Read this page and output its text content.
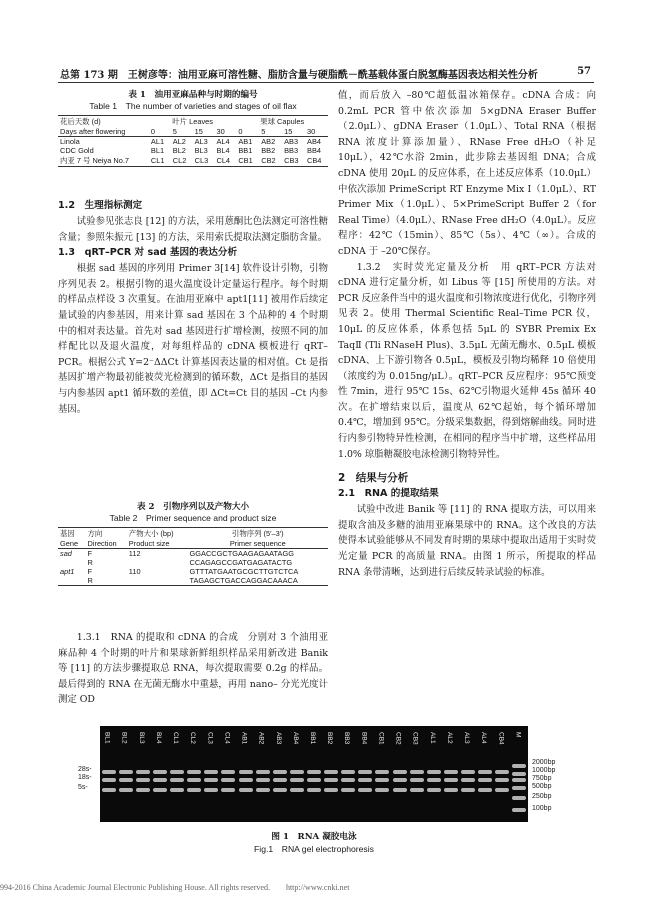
总第 173 期　王树彦等：油用亚麻可溶性糖、脂肪含量与硬脂酰－酰基载体蛋白脱氢酶基因表达相关性分析	57
表 1　油用亚麻品种与时期的编号
Table 1　The number of varieties and stages of oil flax
花后天数 (d)	叶片 Leaves				果球 Capules			
Days after flowering	0	5	15	30	0	5	15	30
Linola	AL1	AL2	AL3	AL4	AB1	AB2	AB3	AB4
CDC Gold	BL1	BL2	BL3	BL4	BB1	BB2	BB3	BB4
内亚 7 号 Neiya No.7	CL1	CL2	CL3	CL4	CB1	CB2	CB3	CB4
1.2　生理指标测定

试验参见张志良 [12] 的方法，采用蒽酮比色法测定可溶性糖含量；参照朱振元 [13] 的方法，采用索氏提取法测定脂肪含量。

1.3　qRT–PCR 对 sad 基因的表达分析

根据 sad 基因的序列用 Primer 3[14] 软件设计引物，引物序列见表 2。根据引物的退火温度设计定量运行程序。每个时期的样品点样设 3 次重复。在油用亚麻中 apt1[11] 被用作后续定量试验的内参基因，用来计算 sad 基因在 3 个品种的 4 个时期中的相对表达量。首先对 sad 基因进行扩增检测，按照不同的加样配比以及退火温度，对每组样品的 cDNA 模板进行 qRT–PCR。根据公式 Y=2⁻ΔΔCt 计算基因表达量的相对值。Ct 是指基因扩增产物最初能被荧光检测到的循环数，ΔCt 是指目的基因与内参基因 apt1 循环数的差值，即 ΔCt=Ct 目的基因 –Ct 内参基因。

表 2　引物序列以及产物大小
Table 2　Primer sequence and product size
基因	方向	产物大小 (bp)	引物序列 (5′–3′)
Gene	Direction	Product size	Primer sequence
sad	F	112	GGACCGCTGAAGAGAATAGG
	R		CCAGAGCCGATGAGATACTG
apt1	F	110	GTTTATGAATGCGCTTGTCTCA
	R		TAGAGCTGACCAGGACAAACA

1.3.1　RNA 的提取和 cDNA 的合成　 分别对 3 个油用亚麻品种 4 个时期的叶片和果球新鲜组织样品采用新改进 Banik 等 [11] 的方法步骤提取总 RNA，每次提取需要 0.2g 的样品。最后得到的 RNA 在无菌无酶水中重悬，再用 nano– 分光光度计测定 OD

值，而后放入 –80℃超低温冰箱保存。cDNA 合成：向 0.2mL PCR 管中依次添加 5×gDNA Eraser Buffer（2.0μL）、gDNA Eraser（1.0μL）、Total RNA（根据 RNA 浓度计算添加量）、RNase Free dH₂O（补足 10μL），42℃水浴 2min，此步除去基因组 DNA；合成 cDNA 使用 20μL 的反应体系，在上述反应体系（10.0μL）中依次添加 PrimeScript RT Enzyme Mix Ⅰ（1.0μL）、RT Primer Mix（1.0μL）、5×PrimeScript Buffer 2（for Real Time）（4.0μL）、RNase Free dH₂O（4.0μL）。反应程序：42℃（15min）、85℃（5s）、4℃（∞）。合成的 cDNA 于 –20℃保存。

1.3.2　实时荧光定量及分析　 用 qRT–PCR 方法对 cDNA 进行定量分析，如 Libus 等 [15] 所使用的方法。对 PCR 反应条件当中的退火温度和引物浓度进行优化，引物序列见表 2。使用 Thermal Scientific Real–Time PCR 仪，10μL 的反应体系，体系包括 5μL 的 SYBR Premix Ex TaqⅡ (Tli RNaseH Plus)、3.5μL 无菌无酶水、0.5μL 模板 cDNA、上下游引物各 0.5μL，模板及引物均稀释 10 倍使用（浓度约为 0.015ng/μL）。qRT–PCR 反应程序：95℃预变性 7min，进行 95℃ 15s、62℃引物退火延伸 45s 循环 40 次。在扩增结束以后，温度从 62℃起始，每个循环增加 0.4℃，增加到 95℃。分级采集数据，得到熔解曲线。同时进行内参引物特异性检测，在相同的程序当中扩增，这些样品用 1.0% 琼脂糖凝胶电泳检测引物特异性。

2　结果与分析
2.1　RNA 的提取结果

试验中改进 Banik 等 [11] 的 RNA 提取方法，可以用来提取含油及多糖的油用亚麻果球中的 RNA。这个改良的方法使得本试验能够从不同发育时期的果球中提取出适用于实时荧光定量 PCR 的高质量 RNA。由图 1 所示，所提取的样品 RNA 条带清晰，达到进行后续反转录试验的标准。

BL1 BL2 BL3 BL4 CL1 CL2 CL3 CL4 AB1 AB2 AB3 AB4 BB1 BB2 BB3 BB4 CB1 CB2 CB3 AL1 AL2 AL3 AL4 CB4 M
28s-
18s-
5s-
2000bp
1000bp
750bp
500bp
250bp
100bp
图 1　RNA 凝胶电泳
Fig.1　RNA gel electrophoresis
994-2016 China Academic Journal Electronic Publishing House. All rights reserved.　　http://www.cnki.net
